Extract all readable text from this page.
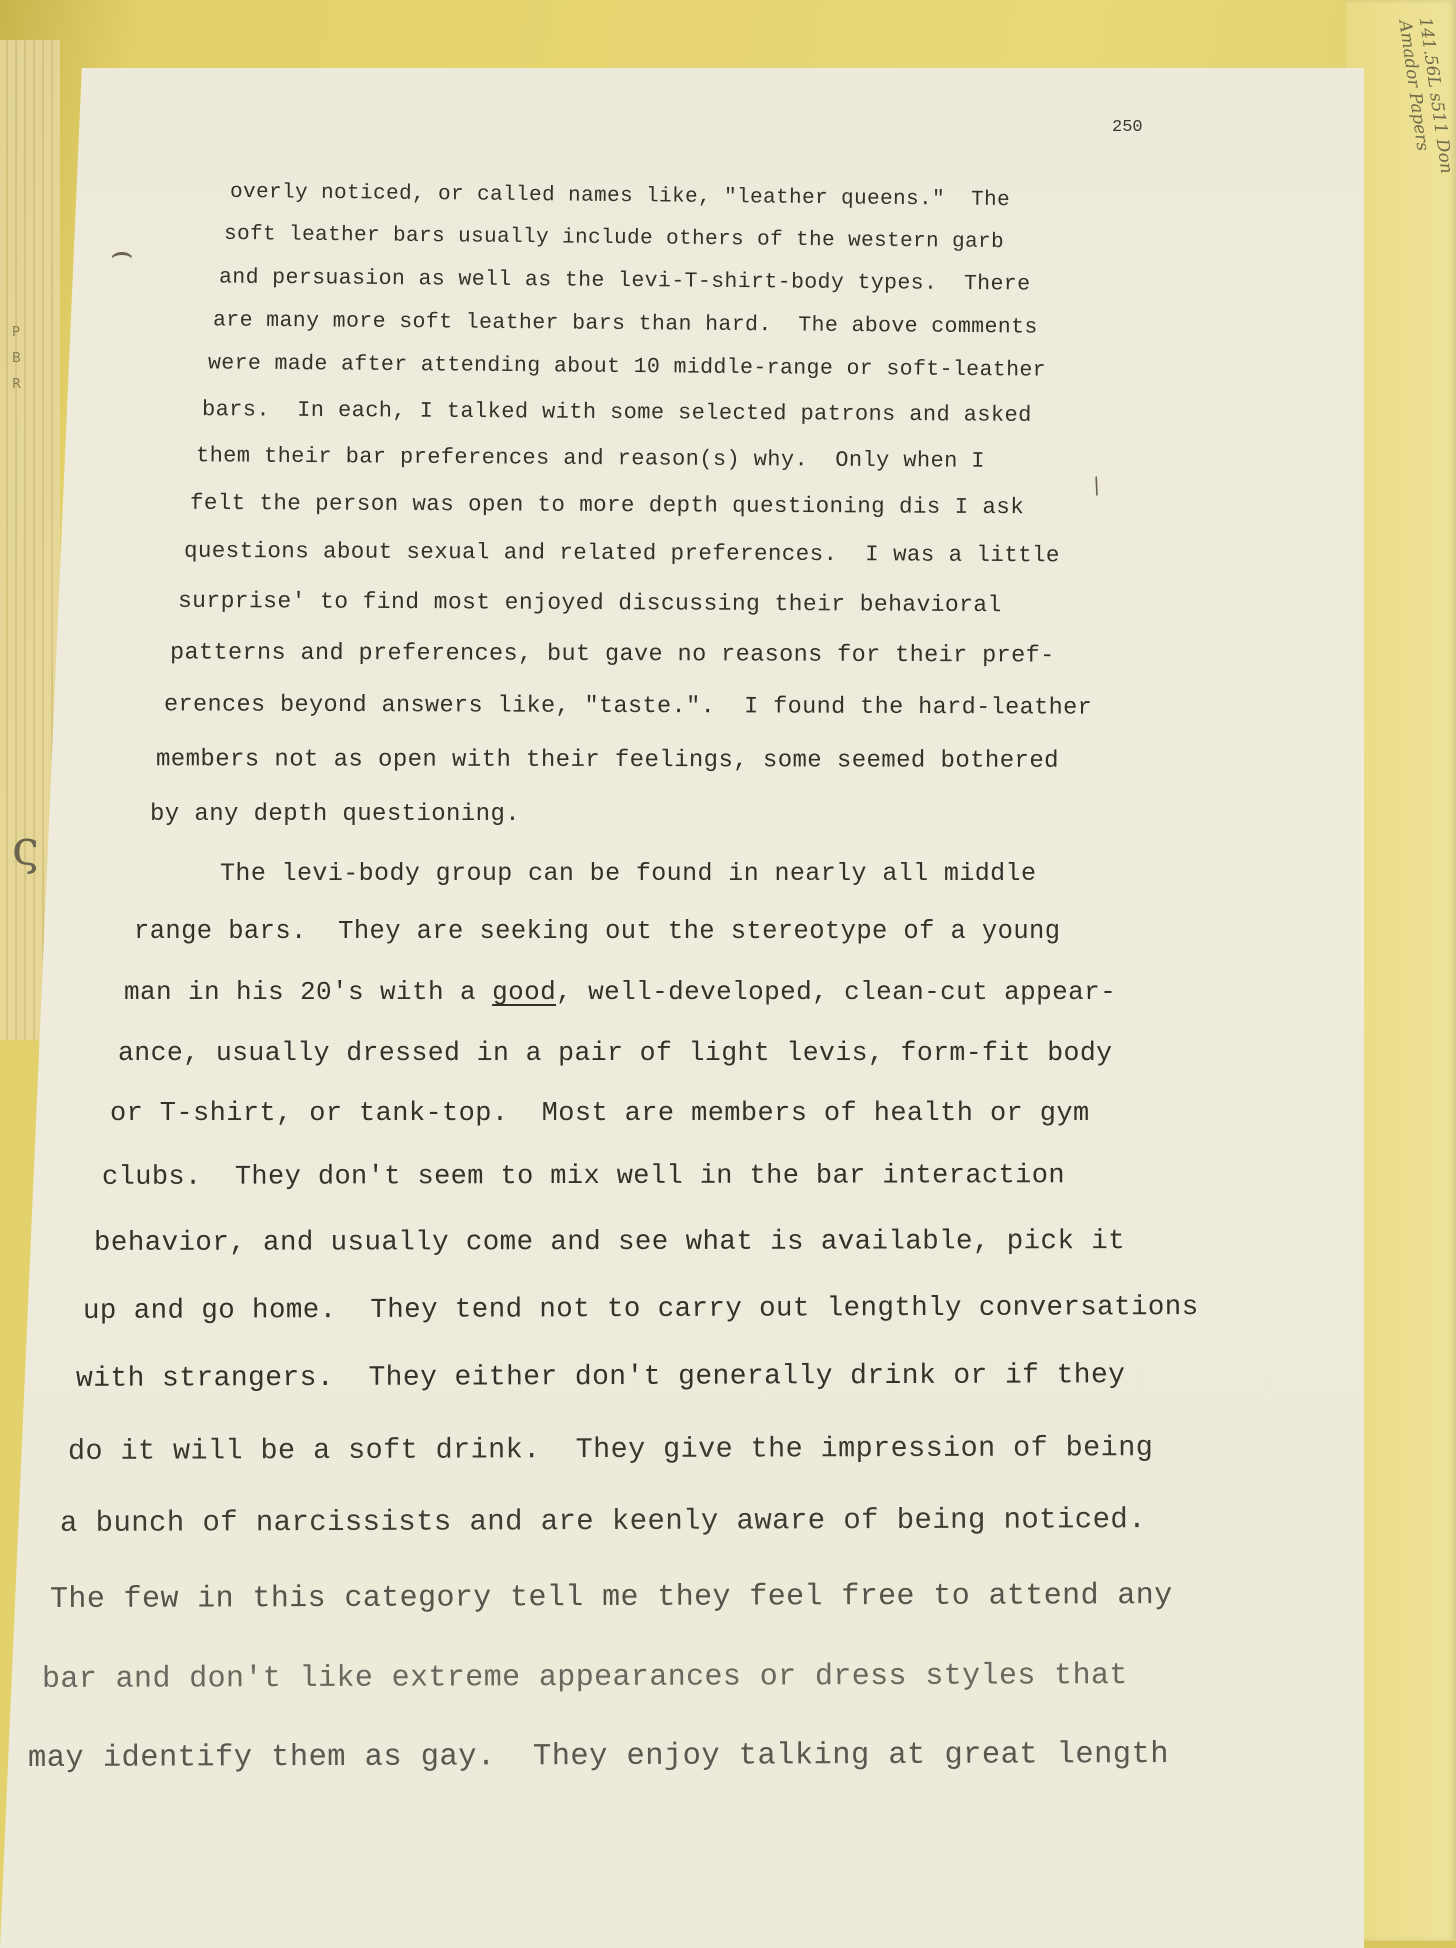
141.56L s511 Don Amador Papers
P
B
R
250

overly noticed, or called names like, "leather queens."  The

soft leather bars usually include others of the western garb

and persuasion as well as the levi-T-shirt-body types.  There

are many more soft leather bars than hard.  The above comments

were made after attending about 10 middle-range or soft-leather

bars.  In each, I talked with some selected patrons and asked

them their bar preferences and reason(s) why.  Only when I

felt the person was open to more depth questioning dis I ask

questions about sexual and related preferences.  I was a little

surprise' to find most enjoyed discussing their behavioral

patterns and preferences, but gave no reasons for their pref-

erences beyond answers like, "taste.".  I found the hard-leather

members not as open with their feelings, some seemed bothered

by any depth questioning.

The levi-body group can be found in nearly all middle

range bars.  They are seeking out the stereotype of a young

man in his 20's with a good, well-developed, clean-cut appear-

ance, usually dressed in a pair of light levis, form-fit body

or T-shirt, or tank-top.  Most are members of health or gym

clubs.  They don't seem to mix well in the bar interaction

behavior, and usually come and see what is available, pick it

up and go home.  They tend not to carry out lengthly conversations

with strangers.  They either don't generally drink or if they

do it will be a soft drink.  They give the impression of being

a bunch of narcissists and are keenly aware of being noticed.

The few in this category tell me they feel free to attend any

bar and don't like extreme appearances or dress styles that

may identify them as gay.  They enjoy talking at great length

/
⌢
ς
